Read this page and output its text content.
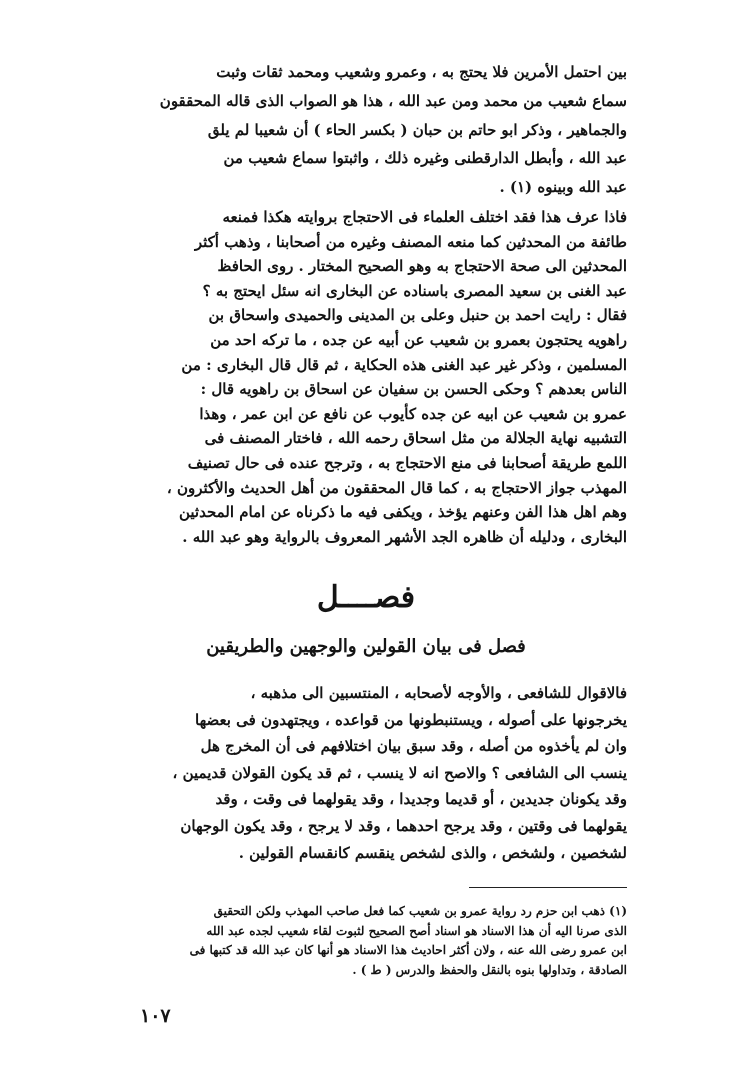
بين احتمل الأمرين فلا يحتج به ، وعمرو وشعيب ومحمد ثقات وثبت
سماع شعيب من محمد ومن عبد الله ، هذا هو الصواب الذى قاله المحققون
والجماهير ، وذكر ابو حاتم بن حبان ( بكسر الحاء ) أن شعيبا لم يلق
عبد الله ، وأبطل الدارقطنى وغيره ذلك ، واثبتوا سماع شعيب من
عبد الله وبينوه (١) .

فاذا عرف هذا فقد اختلف العلماء فى الاحتجاج بروايته هكذا فمنعه
طائفة من المحدثين كما منعه المصنف وغيره من أصحابنا ، وذهب أكثر
المحدثين الى صحة الاحتجاج به وهو الصحيح المختار . روى الحافظ
عبد الغنى بن سعيد المصرى باسناده عن البخارى انه سئل ايحتج به ؟
فقال : رايت احمد بن حنبل وعلى بن المدينى والحميدى واسحاق بن
راهويه يحتجون بعمرو بن شعيب عن أبيه عن جده ، ما تركه احد من
المسلمين ، وذكر غير عبد الغنى هذه الحكاية ، ثم قال قال البخارى : من
الناس بعدهم ؟ وحكى الحسن بن سفيان عن اسحاق بن راهويه قال :
عمرو بن شعيب عن ابيه عن جده كأيوب عن نافع عن ابن عمر ، وهذا
التشبيه نهاية الجلالة من مثل اسحاق رحمه الله ، فاختار المصنف فى
اللمع طريقة أصحابنا فى منع الاحتجاج به ، وترجح عنده فى حال تصنيف
المهذب جواز الاحتجاج به ، كما قال المحققون من أهل الحديث والأكثرون ،
وهم اهل هذا الفن وعنهم يؤخذ ، ويكفى فيه ما ذكرناه عن امام المحدثين
البخارى ، ودليله أن ظاهره الجد الأشهر المعروف بالرواية وهو عبد الله .

فصــــل
فصل فى بيان القولين والوجهين والطريقين

فالاقوال للشافعى ، والأوجه لأصحابه ، المنتسبين الى مذهبه ،
يخرجونها على أصوله ، ويستنبطونها من قواعده ، ويجتهدون فى بعضها
وان لم يأخذوه من أصله ، وقد سبق بيان اختلافهم فى أن المخرج هل
ينسب الى الشافعى ؟ والاصح انه لا ينسب ، ثم قد يكون القولان قديمين ،
وقد يكونان جديدين ، أو قديما وجديدا ، وقد يقولهما فى وقت ، وقد
يقولهما فى وقتين ، وقد يرجح احدهما ، وقد لا يرجح ، وقد يكون الوجهان
لشخصين ، ولشخص ، والذى لشخص ينقسم كانقسام القولين .

(١) ذهب ابن حزم رد رواية عمرو بن شعيب كما فعل صاحب المهذب ولكن التحقيق
الذى صرنا اليه أن هذا الاسناد هو اسناد أصح الصحيح لثبوت لقاء شعيب لجده عبد الله
ابن عمرو رضى الله عنه ، ولان أكثر احاديث هذا الاسناد هو أنها كان عبد الله قد كتبها فى
الصادقة ، وتداولها بنوه بالنقل والحفظ والدرس ( ط ) .
١٠٧
